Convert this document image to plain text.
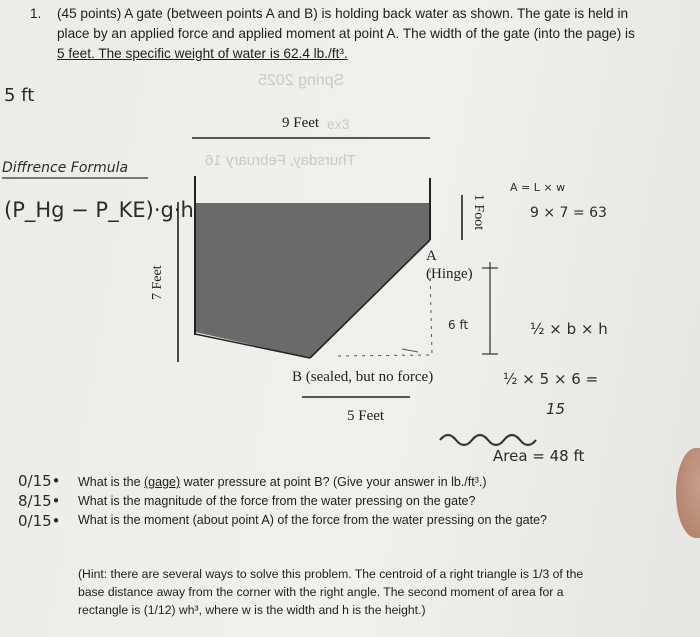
1. (45 points) A gate (between points A and B) is holding back water as shown. The gate is held in
place by an applied force and applied moment at point A. The width of the gate (into the page) is
5 feet. The specific weight of water is 62.4 lb./ft³.
Spring 2025
Thursday, February 16
5 ft
Diffrence Formula
(P_Hg − P_KE)·g·h
9 Feet ex3
7 Feet
1 Foot
A
(Hinge)
B (sealed, but no force)
5 Feet
6 ft
A = L × w
9 × 7 = 63
½ × b × h
½ × 5 × 6 =
15
Area = 48 ft
0/15•
8/15•
0/15•
What is the (gage) water pressure at point B? (Give your answer in lb./ft³.)
What is the magnitude of the force from the water pressing on the gate?
What is the moment (about point A) of the force from the water pressing on the gate?
(Hint: there are several ways to solve this problem. The centroid of a right triangle is 1/3 of the
base distance away from the corner with the right angle. The second moment of area for a
rectangle is (1/12) wh³, where w is the width and h is the height.)
